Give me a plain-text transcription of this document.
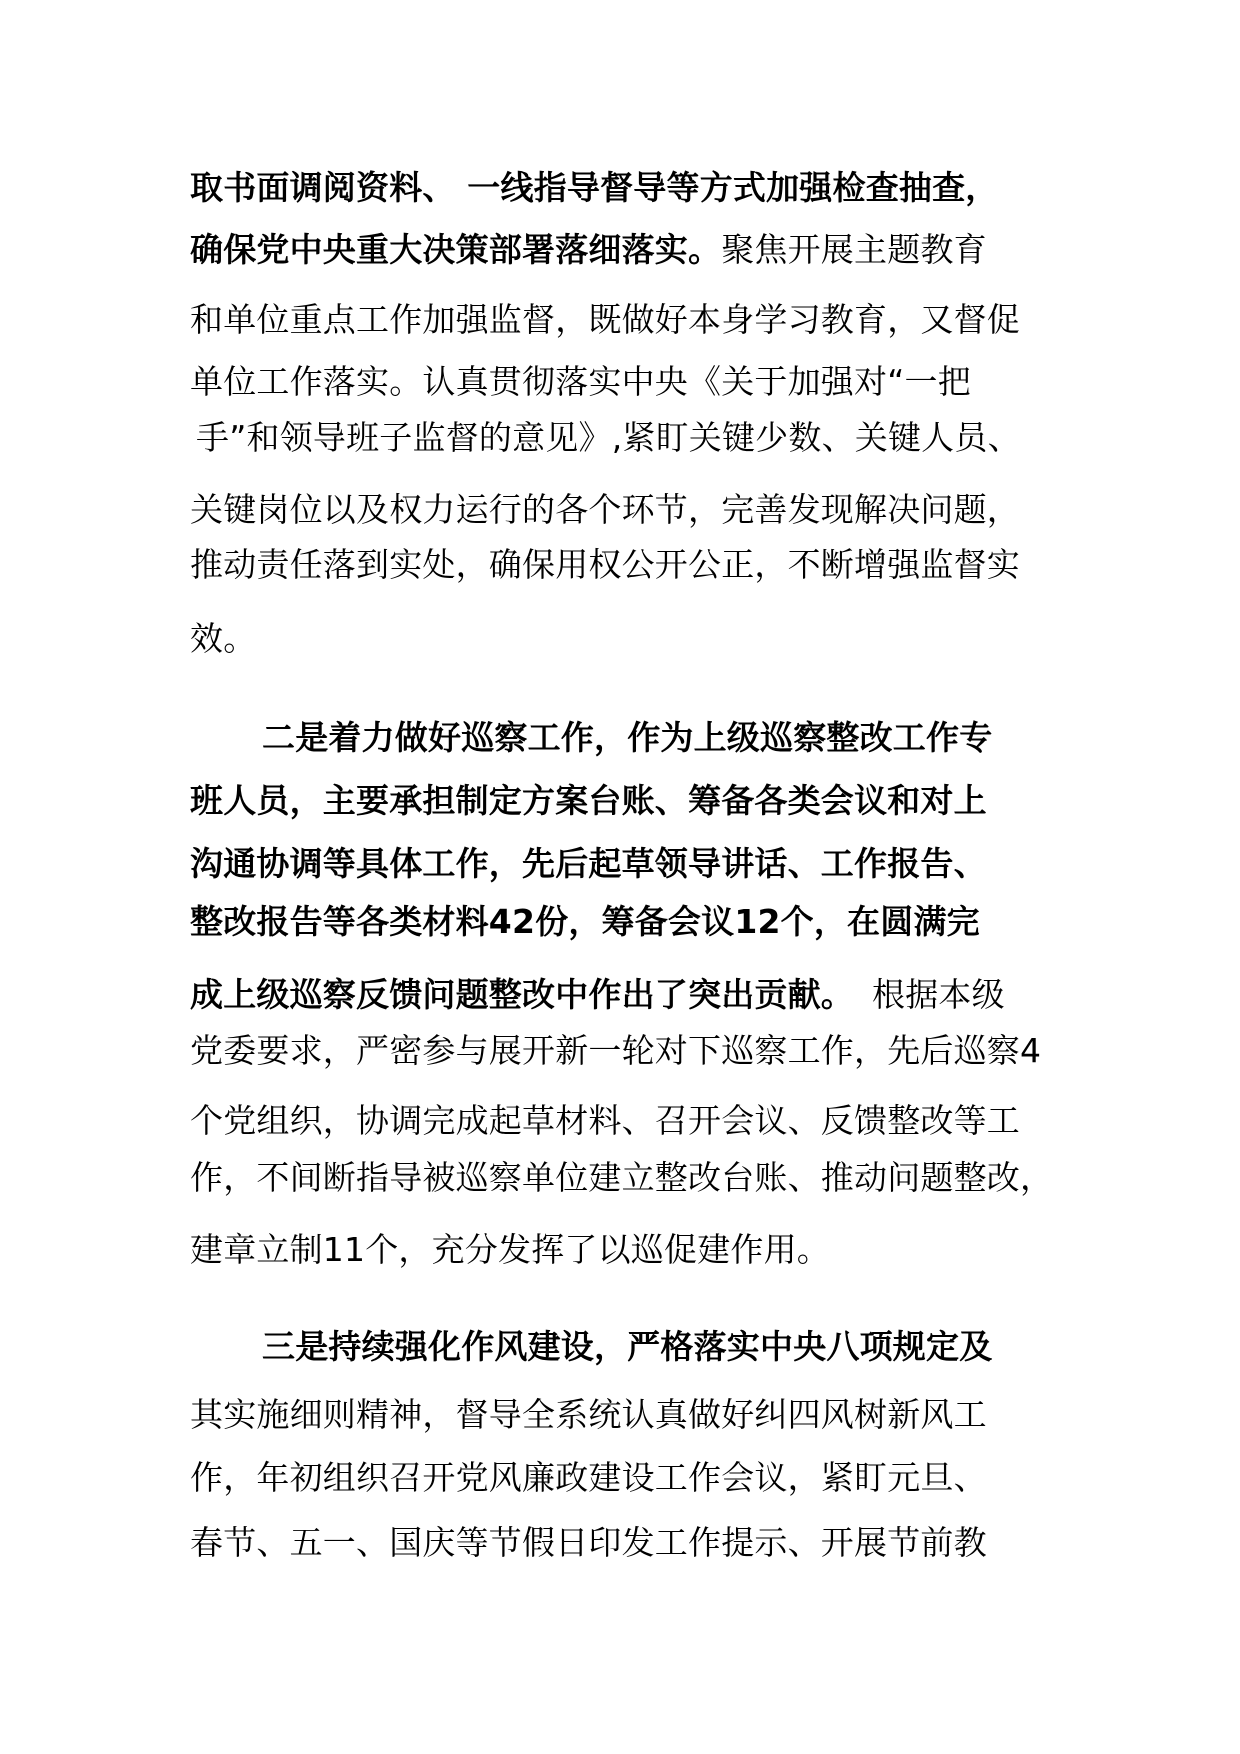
取书面调阅资料、 一线指导督导等方式加强检查抽查，
确保党中央重大决策部署落细落实。聚焦开展主题教育
和单位重点工作加强监督，既做好本身学习教育，又督促
单位工作落实。认真贯彻落实中央《关于加强对“一把
手”和领导班子监督的意见》,紧盯关键少数、关键人员、
关键岗位以及权力运行的各个环节，完善发现解决问题，
推动责任落到实处，确保用权公开公正，不断增强监督实
效。
二是着力做好巡察工作，作为上级巡察整改工作专
班人员，主要承担制定方案台账、筹备各类会议和对上
沟通协调等具体工作，先后起草领导讲话、工作报告、
整改报告等各类材料42份，筹备会议12个，在圆满完
成上级巡察反馈问题整改中作出了突出贡献。 根据本级
党委要求，严密参与展开新一轮对下巡察工作，先后巡察4
个党组织，协调完成起草材料、召开会议、反馈整改等工
作，不间断指导被巡察单位建立整改台账、推动问题整改，
建章立制11个，充分发挥了以巡促建作用。
三是持续强化作风建设，严格落实中央八项规定及
其实施细则精神，督导全系统认真做好纠四风树新风工
作，年初组织召开党风廉政建设工作会议，紧盯元旦、
春节、五一、国庆等节假日印发工作提示、开展节前教
